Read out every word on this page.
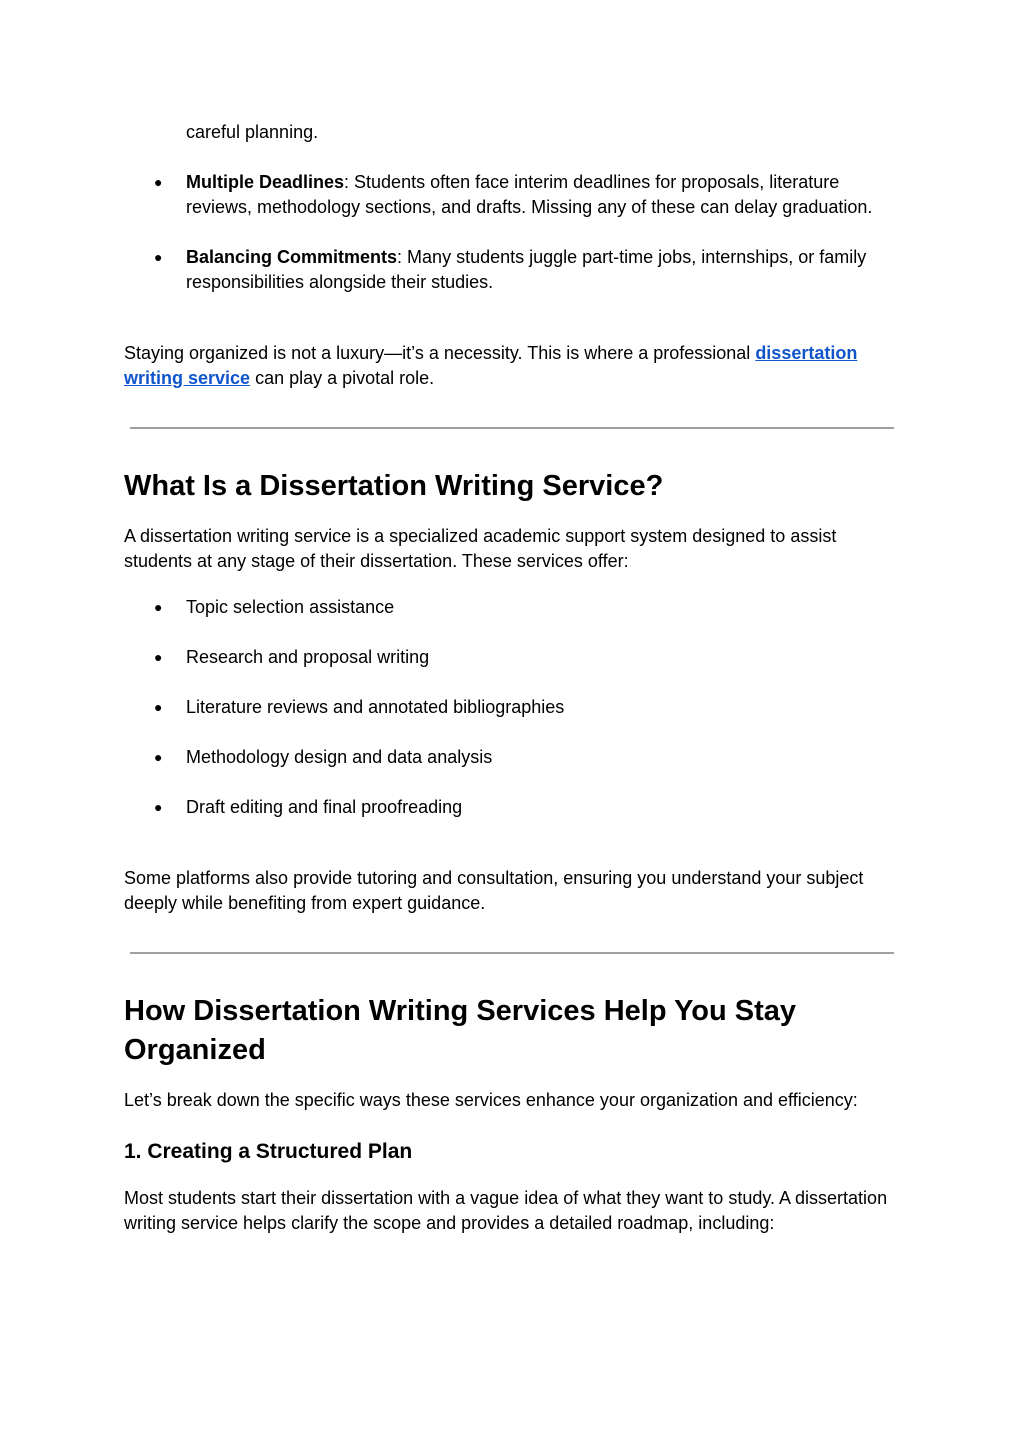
careful planning.
● Multiple Deadlines: Students often face interim deadlines for proposals, literature reviews, methodology sections, and drafts. Missing any of these can delay graduation.
● Balancing Commitments: Many students juggle part-time jobs, internships, or family responsibilities alongside their studies.

Staying organized is not a luxury—it’s a necessity. This is where a professional dissertation writing service can play a pivotal role.

What Is a Dissertation Writing Service?

A dissertation writing service is a specialized academic support system designed to assist students at any stage of their dissertation. These services offer:

● Topic selection assistance
● Research and proposal writing
● Literature reviews and annotated bibliographies
● Methodology design and data analysis
● Draft editing and final proofreading

Some platforms also provide tutoring and consultation, ensuring you understand your subject deeply while benefiting from expert guidance.

How Dissertation Writing Services Help You Stay Organized

Let’s break down the specific ways these services enhance your organization and efficiency:

1. Creating a Structured Plan

Most students start their dissertation with a vague idea of what they want to study. A dissertation writing service helps clarify the scope and provides a detailed roadmap, including:
